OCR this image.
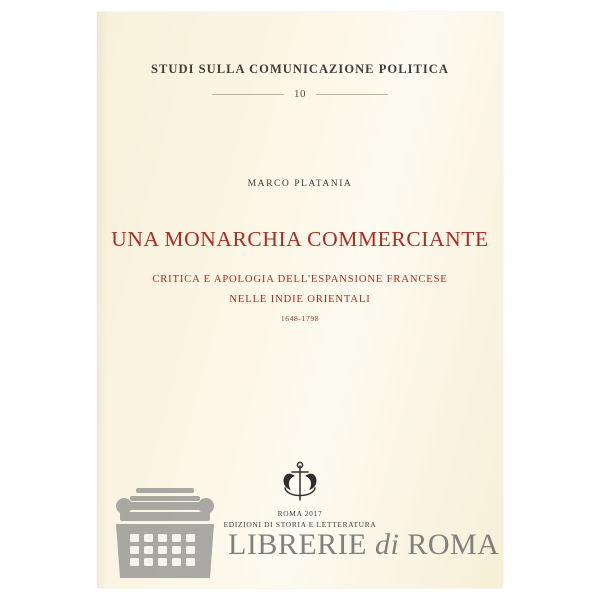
STUDI SULLA COMUNICAZIONE POLITICA
10
MARCO PLATANIA
UNA MONARCHIA COMMERCIANTE
CRITICA E APOLOGIA DELL'ESPANSIONE FRANCESE
NELLE INDIE ORIENTALI
1648-1798
ROMA 2017
EDIZIONI DI STORIA E LETTERATURA
LIBRERIE di ROMA
